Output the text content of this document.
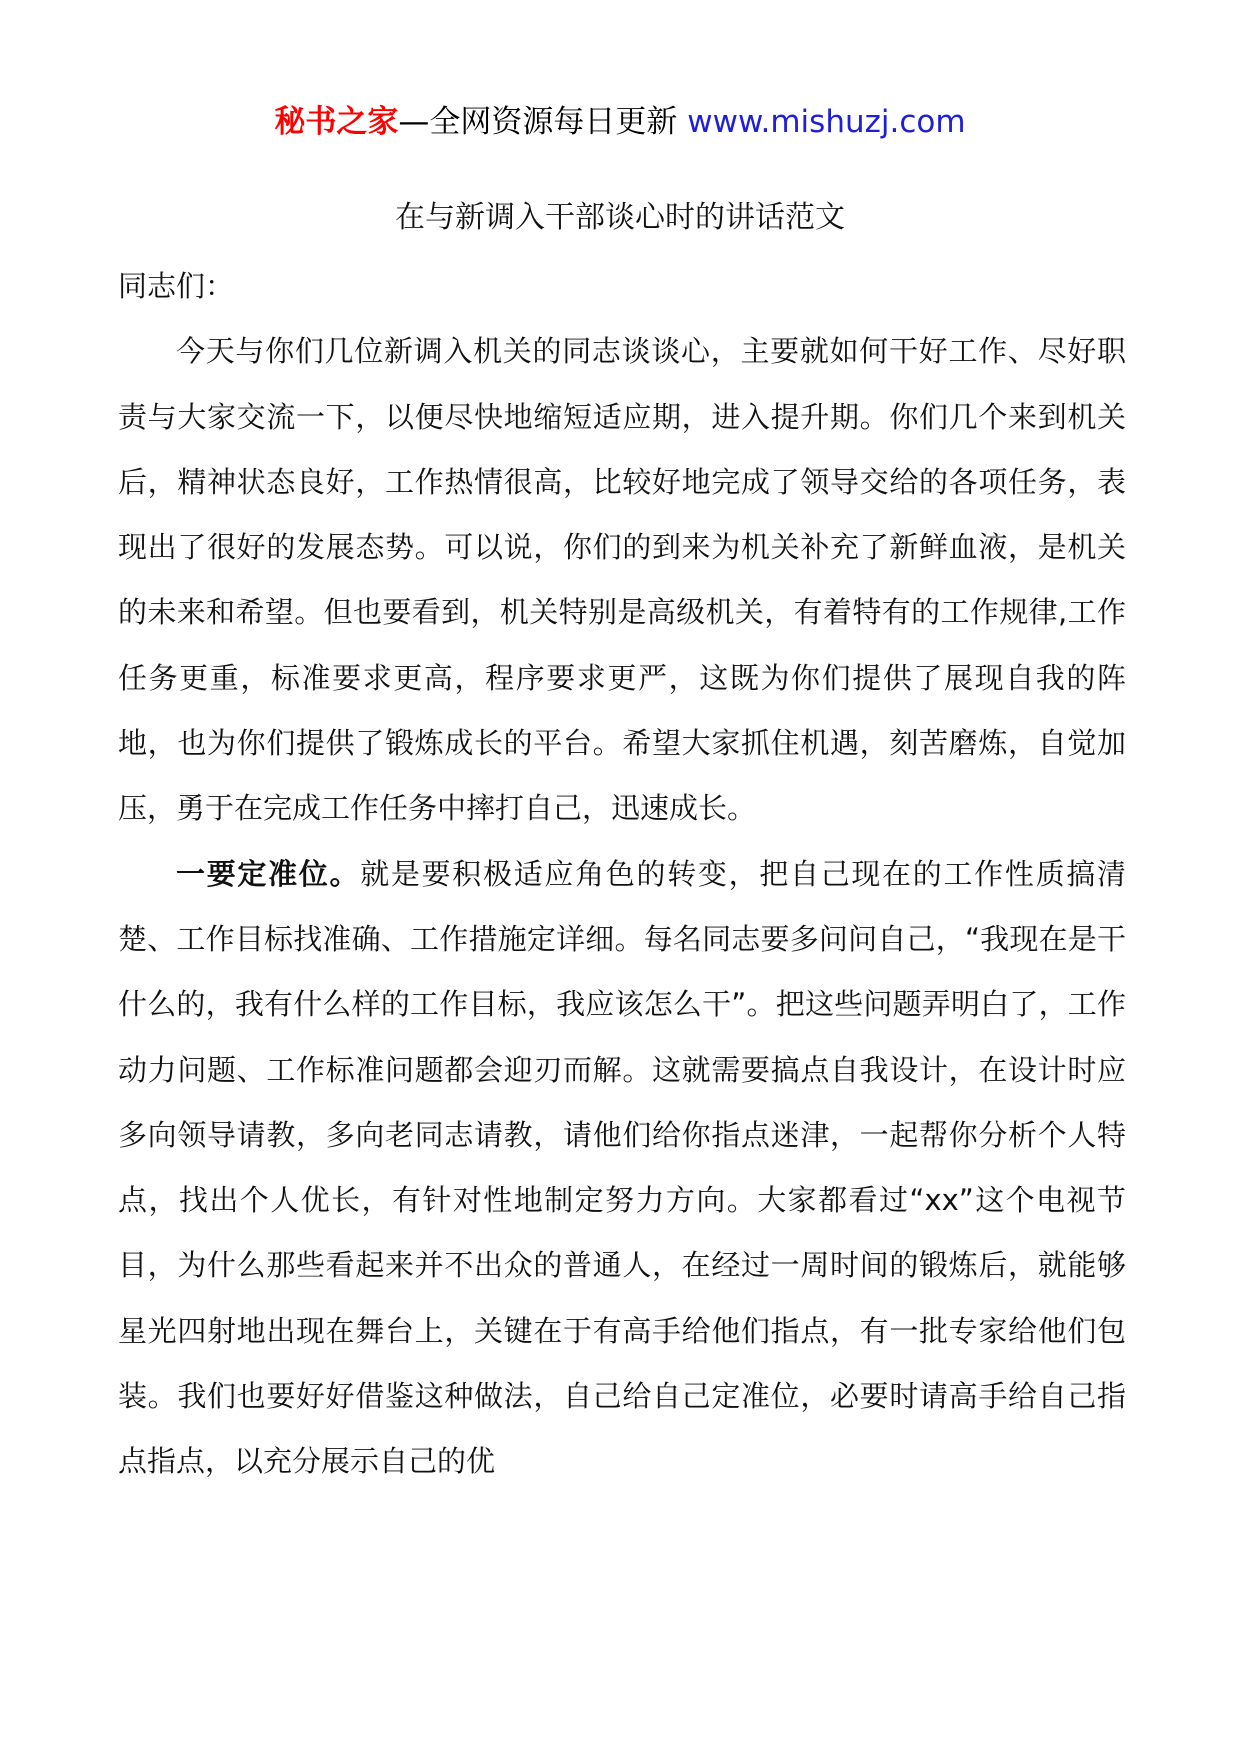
秘书之家—全网资源每日更新 www.mishuzj.com
在与新调入干部谈心时的讲话范文

同志们：

今天与你们几位新调入机关的同志谈谈心，主要就如何干好工作、尽好职责与大家交流一下，以便尽快地缩短适应期，进入提升期。你们几个来到机关后，精神状态良好，工作热情很高，比较好地完成了领导交给的各项任务，表现出了很好的发展态势。可以说，你们的到来为机关补充了新鲜血液，是机关的未来和希望。但也要看到，机关特别是高级机关，有着特有的工作规律,工作任务更重，标准要求更高，程序要求更严，这既为你们提供了展现自我的阵地，也为你们提供了锻炼成长的平台。希望大家抓住机遇，刻苦磨炼，自觉加压，勇于在完成工作任务中摔打自己，迅速成长。

一要定准位。就是要积极适应角色的转变，把自己现在的工作性质搞清楚、工作目标找准确、工作措施定详细。每名同志要多问问自己，“我现在是干什么的，我有什么样的工作目标，我应该怎么干”。把这些问题弄明白了，工作动力问题、工作标准问题都会迎刃而解。这就需要搞点自我设计，在设计时应多向领导请教，多向老同志请教，请他们给你指点迷津，一起帮你分析个人特点，找出个人优长，有针对性地制定努力方向。大家都看过“xx”这个电视节目，为什么那些看起来并不出众的普通人，在经过一周时间的锻炼后，就能够星光四射地出现在舞台上，关键在于有高手给他们指点，有一批专家给他们包装。我们也要好好借鉴这种做法，自己给自己定准位，必要时请高手给自己指点指点，以充分展示自己的优
